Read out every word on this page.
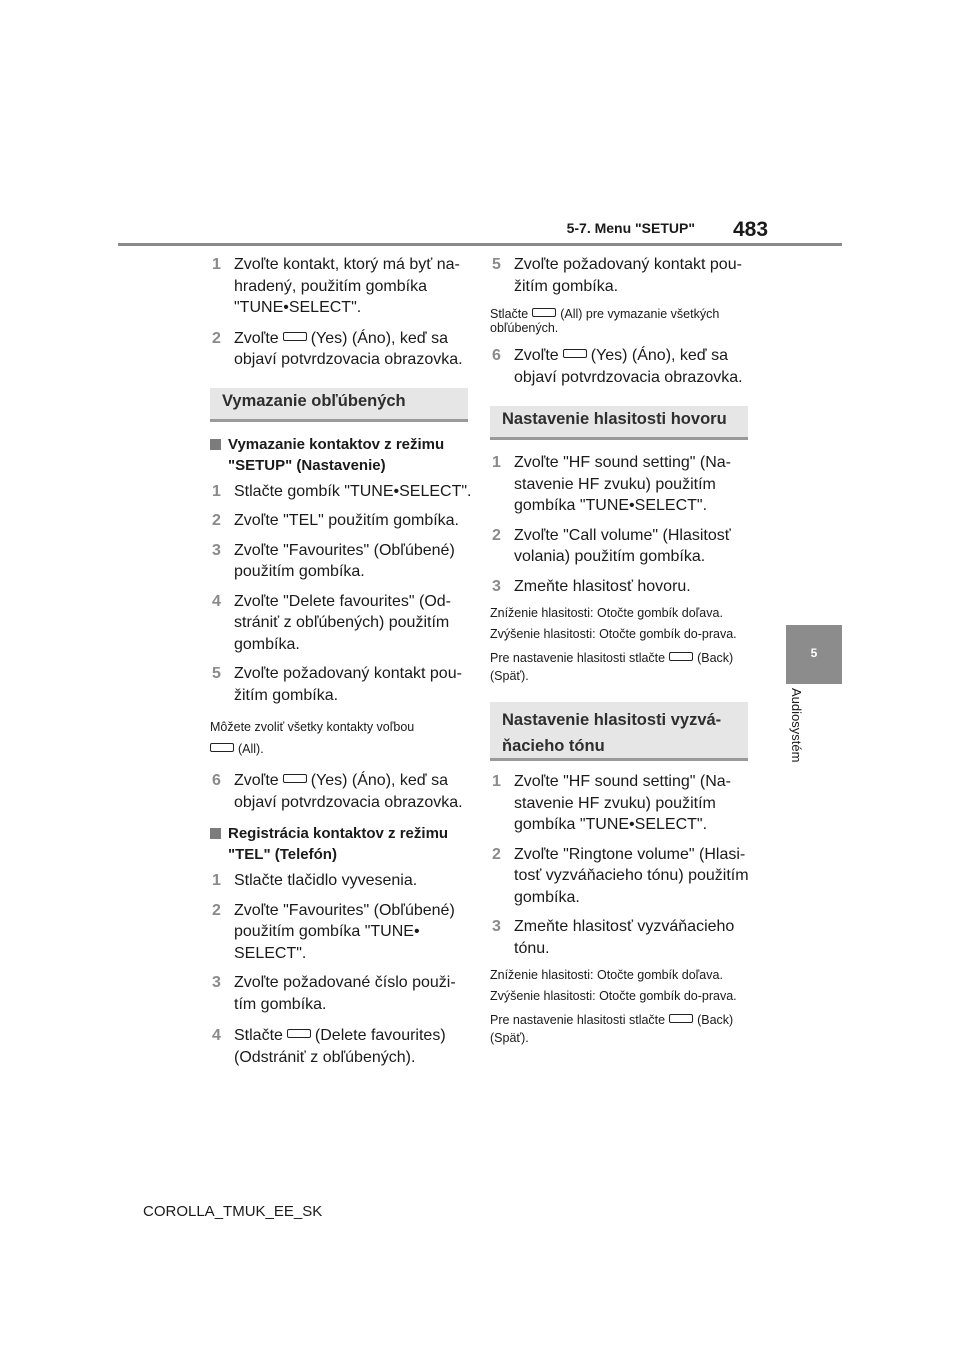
5-7. Menu "SETUP" 483
5
Audiosystém
1 Zvoľte kontakt, ktorý má byť na-hradený, použitím gombíka "TUNE•SELECT".
2 Zvoľte (Yes) (Áno), keď sa objaví potvrdzovacia obrazovka.
Vymazanie obľúbených
Vymazanie kontaktov z režimu "SETUP" (Nastavenie)
1 Stlačte gombík "TUNE•SELECT".
2 Zvoľte "TEL" použitím gombíka.
3 Zvoľte "Favourites" (Obľúbené) použitím gombíka.
4 Zvoľte "Delete favourites" (Od-strániť z obľúbených) použitím gombíka.
5 Zvoľte požadovaný kontakt pou-žitím gombíka.
Môžete zvoliť všetky kontakty voľbou
(All).
6 Zvoľte (Yes) (Áno), keď sa objaví potvrdzovacia obrazovka.
Registrácia kontaktov z režimu "TEL" (Telefón)
1 Stlačte tlačidlo vyvesenia.
2 Zvoľte "Favourites" (Obľúbené) použitím gombíka "TUNE• SELECT".
3 Zvoľte požadované číslo použi-tím gombíka.
4 Stlačte (Delete favourites) (Odstrániť z obľúbených).
5 Zvoľte požadovaný kontakt pou-žitím gombíka.
Stlačte	(All) pre vymazanie všetkých obľúbených.
6 Zvoľte (Yes) (Áno), keď sa objaví potvrdzovacia obrazovka.
Nastavenie hlasitosti hovoru
1 Zvoľte "HF sound setting" (Na-stavenie HF zvuku) použitím gombíka "TUNE•SELECT".
2 Zvoľte "Call volume" (Hlasitosť volania) použitím gombíka.
3 Zmeňte hlasitosť hovoru.
Zníženie hlasitosti: Otočte gombík doľava.
Zvýšenie hlasitosti: Otočte gombík do-prava.
Pre nastavenie hlasitosti stlačte	(Back) (Späť).
Nastavenie hlasitosti vyzvá-ňacieho tónu
1 Zvoľte "HF sound setting" (Na-stavenie HF zvuku) použitím gombíka "TUNE•SELECT".
2 Zvoľte "Ringtone volume" (Hlasi-tosť vyzváňacieho tónu) použitím gombíka.
3 Zmeňte hlasitosť vyzváňacieho tónu.
Zníženie hlasitosti: Otočte gombík doľava.
Zvýšenie hlasitosti: Otočte gombík do-prava.
Pre nastavenie hlasitosti stlačte	(Back) (Späť).
COROLLA_TMUK_EE_SK
